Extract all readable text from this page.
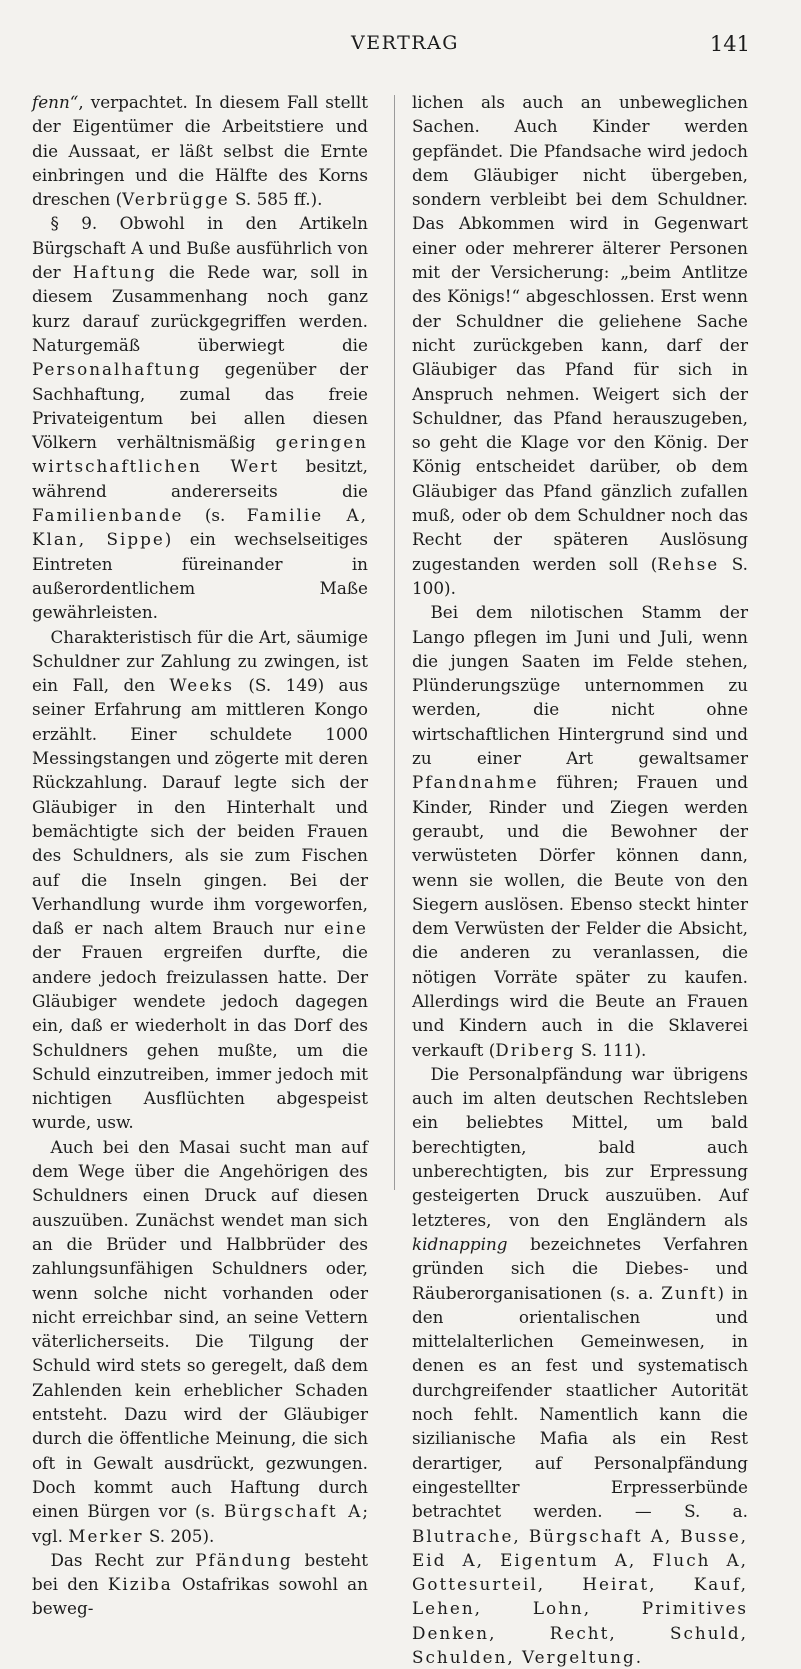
VERTRAG	141

fenn“, verpachtet. In diesem Fall stellt der Eigentümer die Arbeitstiere und die Aussaat, er läßt selbst die Ernte einbringen und die Hälfte des Korns dreschen (Verbrügge S. 585 ff.).

§ 9. Obwohl in den Artikeln Bürgschaft A und Buße ausführlich von der Haftung die Rede war, soll in diesem Zusammenhang noch ganz kurz darauf zurückgegriffen werden. Naturgemäß überwiegt die Personalhaftung gegenüber der Sachhaftung, zumal das freie Privateigentum bei allen diesen Völkern verhältnismäßig geringen wirtschaftlichen Wert besitzt, während andererseits die Familienbande (s. Familie A, Klan, Sippe) ein wechselseitiges Eintreten füreinander in außerordentlichem Maße gewährleisten.

Charakteristisch für die Art, säumige Schuldner zur Zahlung zu zwingen, ist ein Fall, den Weeks (S. 149) aus seiner Erfahrung am mittleren Kongo erzählt. Einer schuldete 1000 Messingstangen und zögerte mit deren Rückzahlung. Darauf legte sich der Gläubiger in den Hinterhalt und bemächtigte sich der beiden Frauen des Schuldners, als sie zum Fischen auf die Inseln gingen. Bei der Verhandlung wurde ihm vorgeworfen, daß er nach altem Brauch nur eine der Frauen ergreifen durfte, die andere jedoch freizulassen hatte. Der Gläubiger wendete jedoch dagegen ein, daß er wiederholt in das Dorf des Schuldners gehen mußte, um die Schuld einzutreiben, immer jedoch mit nichtigen Ausflüchten abgespeist wurde, usw.

Auch bei den Masai sucht man auf dem Wege über die Angehörigen des Schuldners einen Druck auf diesen auszuüben. Zunächst wendet man sich an die Brüder und Halbbrüder des zahlungsunfähigen Schuldners oder, wenn solche nicht vorhanden oder nicht erreichbar sind, an seine Vettern väterlicherseits. Die Tilgung der Schuld wird stets so geregelt, daß dem Zahlenden kein erheblicher Schaden entsteht. Dazu wird der Gläubiger durch die öffentliche Meinung, die sich oft in Gewalt ausdrückt, gezwungen. Doch kommt auch Haftung durch einen Bürgen vor (s. Bürgschaft A; vgl. Merker S. 205).

Das Recht zur Pfändung besteht bei den Kiziba Ostafrikas sowohl an beweg-

lichen als auch an unbeweglichen Sachen. Auch Kinder werden gepfändet. Die Pfandsache wird jedoch dem Gläubiger nicht übergeben, sondern verbleibt bei dem Schuldner. Das Abkommen wird in Gegenwart einer oder mehrerer älterer Personen mit der Versicherung: „beim Antlitze des Königs!“ abgeschlossen. Erst wenn der Schuldner die geliehene Sache nicht zurückgeben kann, darf der Gläubiger das Pfand für sich in Anspruch nehmen. Weigert sich der Schuldner, das Pfand herauszugeben, so geht die Klage vor den König. Der König entscheidet darüber, ob dem Gläubiger das Pfand gänzlich zufallen muß, oder ob dem Schuldner noch das Recht der späteren Auslösung zugestanden werden soll (Rehse S. 100).

Bei dem nilotischen Stamm der Lango pflegen im Juni und Juli, wenn die jungen Saaten im Felde stehen, Plünderungszüge unternommen zu werden, die nicht ohne wirtschaftlichen Hintergrund sind und zu einer Art gewaltsamer Pfandnahme führen; Frauen und Kinder, Rinder und Ziegen werden geraubt, und die Bewohner der verwüsteten Dörfer können dann, wenn sie wollen, die Beute von den Siegern auslösen. Ebenso steckt hinter dem Verwüsten der Felder die Absicht, die anderen zu veranlassen, die nötigen Vorräte später zu kaufen. Allerdings wird die Beute an Frauen und Kindern auch in die Sklaverei verkauft (Driberg S. 111).

Die Personalpfändung war übrigens auch im alten deutschen Rechtsleben ein beliebtes Mittel, um bald berechtigten, bald auch unberechtigten, bis zur Erpressung gesteigerten Druck auszuüben. Auf letzteres, von den Engländern als kidnapping bezeichnetes Verfahren gründen sich die Diebes- und Räuberorganisationen (s. a. Zunft) in den orientalischen und mittelalterlichen Gemeinwesen, in denen es an fest und systematisch durchgreifender staatlicher Autorität noch fehlt. Namentlich kann die sizilianische Mafia als ein Rest derartiger, auf Personalpfändung eingestellter Erpresserbünde betrachtet werden. — S. a. Blutrache, Bürgschaft A, Busse, Eid A, Eigentum A, Fluch A, Gottesurteil, Heirat, Kauf, Lehen, Lohn, Primitives Denken, Recht, Schuld, Schulden, Vergeltung.
